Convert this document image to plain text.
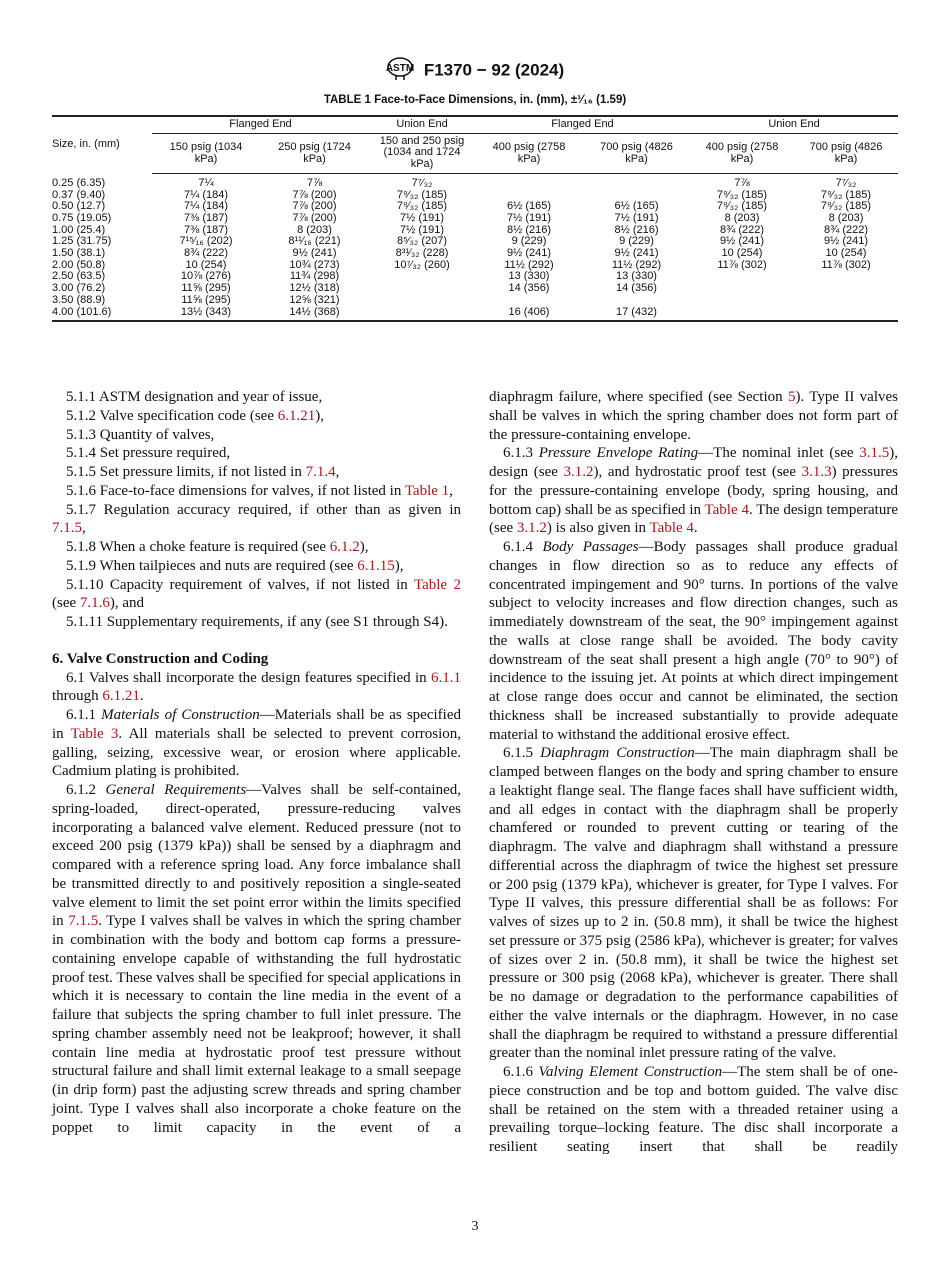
ASTM F1370 − 92 (2024)
TABLE 1 Face-to-Face Dimensions, in. (mm), ±¹⁄₁₆ (1.59)
Size, in. (mm)	Flanged End		Union End	Flanged End		Union End	
	150 psig (1034 kPa)	250 psig (1724 kPa)	150 and 250 psig (1034 and 1724 kPa)	400 psig (2758 kPa)	700 psig (4826 kPa)	400 psig (2758 kPa)	700 psig (4826 kPa)
0.25 (6.35)	7¼	7⅞	7⁷⁄₃₂			7⅞	7⁷⁄₃₂
0.37 (9.40)	7¼ (184)	7⅞ (200)	7⁹⁄₃₂ (185)			7⁹⁄₃₂ (185)	7⁹⁄₃₂ (185)
0.50 (12.7)	7¼ (184)	7⅞ (200)	7⁹⁄₃₂ (185)	6½ (165)	6½ (165)	7⁹⁄₃₂ (185)	7⁹⁄₃₂ (185)
0.75 (19.05)	7⅜ (187)	7⅞ (200)	7½ (191)	7½ (191)	7½ (191)	8 (203)	8 (203)
1.00 (25.4)	7⅜ (187)	8 (203)	7½ (191)	8½ (216)	8½ (216)	8¾ (222)	8¾ (222)
1.25 (31.75)	7¹⁵⁄₁₆ (202)	8¹¹⁄₁₆ (221)	8⁵⁄₃₂ (207)	9 (229)	9 (229)	9½ (241)	9½ (241)
1.50 (38.1)	8¾ (222)	9½ (241)	8³¹⁄₃₂ (228)	9½ (241)	9½ (241)	10 (254)	10 (254)
2.00 (50.8)	10 (254)	10¾ (273)	10⁷⁄₃₂ (260)	11½ (292)	11½ (292)	11⅞ (302)	11⅞ (302)
2.50 (63.5)	10⅞ (276)	11¾ (298)		13 (330)	13 (330)		
3.00 (76.2)	11⅝ (295)	12½ (318)		14 (356)	14 (356)		
3.50 (88.9)	11⅝ (295)	12⅝ (321)					
4.00 (101.6)	13½ (343)	14½ (368)		16 (406)	17 (432)		

5.1.1 ASTM designation and year of issue,

5.1.2 Valve specification code (see 6.1.21),

5.1.3 Quantity of valves,

5.1.4 Set pressure required,

5.1.5 Set pressure limits, if not listed in 7.1.4,

5.1.6 Face-to-face dimensions for valves, if not listed in Table 1,

5.1.7 Regulation accuracy required, if other than as given in 7.1.5,

5.1.8 When a choke feature is required (see 6.1.2),

5.1.9 When tailpieces and nuts are required (see 6.1.15),

5.1.10 Capacity requirement of valves, if not listed in Table 2 (see 7.1.6), and

5.1.11 Supplementary requirements, if any (see S1 through S4).

6. Valve Construction and Coding

6.1 Valves shall incorporate the design features specified in 6.1.1 through 6.1.21.

6.1.1 Materials of Construction—Materials shall be as specified in Table 3. All materials shall be selected to prevent corrosion, galling, seizing, excessive wear, or erosion where applicable. Cadmium plating is prohibited.

6.1.2 General Requirements—Valves shall be self-contained, spring-loaded, direct-operated, pressure-reducing valves incorporating a balanced valve element. Reduced pressure (not to exceed 200 psig (1379 kPa)) shall be sensed by a diaphragm and compared with a reference spring load. Any force imbalance shall be transmitted directly to and positively reposition a single-seated valve element to limit the set point error within the limits specified in 7.1.5. Type I valves shall be valves in which the spring chamber in combination with the body and bottom cap forms a pressure-containing envelope capable of withstanding the full hydrostatic proof test. These valves shall be specified for special applications in which it is necessary to contain the line media in the event of a failure that subjects the spring chamber to full inlet pressure. The spring chamber assembly need not be leakproof; however, it shall contain line media at hydrostatic proof test pressure without structural failure and shall limit external leakage to a small seepage (in drip form) past the adjusting screw threads and spring chamber joint. Type I valves shall also incorporate a choke feature on the poppet to limit capacity in the event of a

diaphragm failure, where specified (see Section 5). Type II valves shall be valves in which the spring chamber does not form part of the pressure-containing envelope.

6.1.3 Pressure Envelope Rating—The nominal inlet (see 3.1.5), design (see 3.1.2), and hydrostatic proof test (see 3.1.3) pressures for the pressure-containing envelope (body, spring housing, and bottom cap) shall be as specified in Table 4. The design temperature (see 3.1.2) is also given in Table 4.

6.1.4 Body Passages—Body passages shall produce gradual changes in flow direction so as to reduce any effects of concentrated impingement and 90° turns. In portions of the valve subject to velocity increases and flow direction changes, such as immediately downstream of the seat, the 90° impingement against the walls at close range shall be avoided. The body cavity downstream of the seat shall present a high angle (70° to 90°) of incidence to the issuing jet. At points at which direct impingement at close range does occur and cannot be eliminated, the section thickness shall be increased substantially to provide adequate material to withstand the additional erosive effect.

6.1.5 Diaphragm Construction—The main diaphragm shall be clamped between flanges on the body and spring chamber to ensure a leaktight flange seal. The flange faces shall have sufficient width, and all edges in contact with the diaphragm shall be properly chamfered or rounded to prevent cutting or tearing of the diaphragm. The valve and diaphragm shall withstand a pressure differential across the diaphragm of twice the highest set pressure or 200 psig (1379 kPa), whichever is greater, for Type I valves. For Type II valves, this pressure differential shall be as follows: For valves of sizes up to 2 in. (50.8 mm), it shall be twice the highest set pressure or 375 psig (2586 kPa), whichever is greater; for valves of sizes over 2 in. (50.8 mm), it shall be twice the highest set pressure or 300 psig (2068 kPa), whichever is greater. There shall be no damage or degradation to the performance capabilities of either the valve internals or the diaphragm. However, in no case shall the diaphragm be required to withstand a pressure differential greater than the nominal inlet pressure rating of the valve.

6.1.6 Valving Element Construction—The stem shall be of one-piece construction and be top and bottom guided. The valve disc shall be retained on the stem with a threaded retainer using a prevailing torque–locking feature. The disc shall incorporate a resilient seating insert that shall be readily

3
